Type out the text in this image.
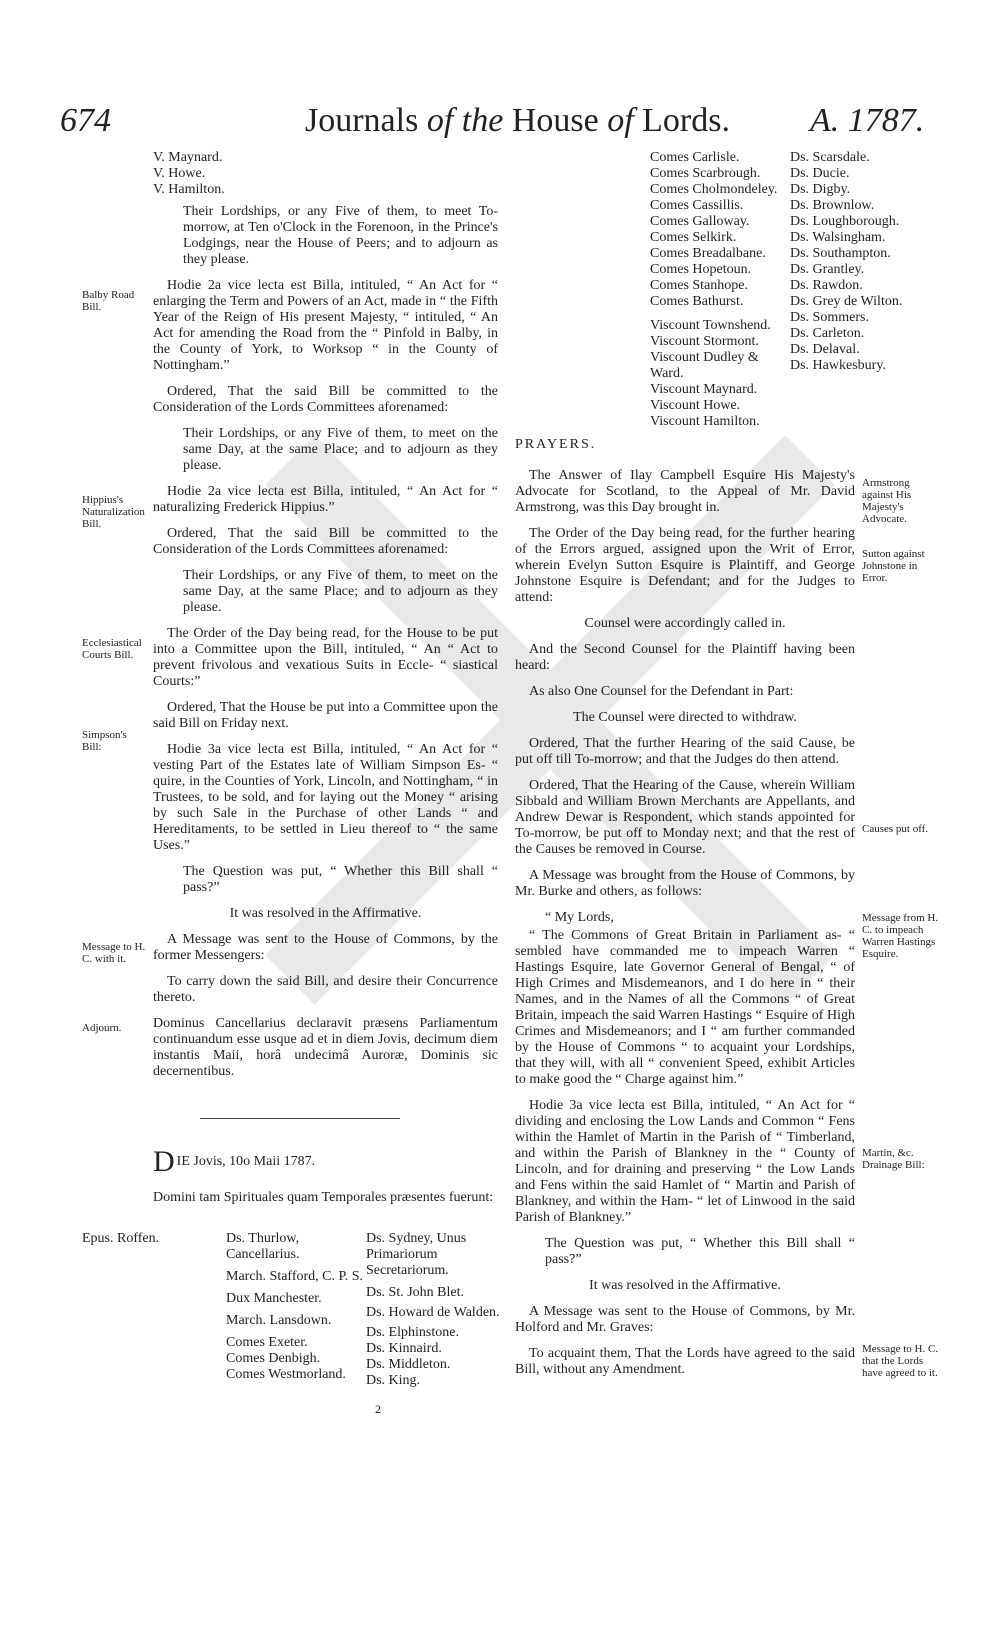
674	Journals of the House of Lords. A. 1787.
V. Maynard.
V. Howe.
V. Hamilton.

Their Lordships, or any Five of them, to meet To-morrow, at Ten o'Clock in the Forenoon, in the Prince's Lodgings, near the House of Peers; and to adjourn as they please.

Hodie 2a vice lecta est Billa, intituled, “ An Act for “ enlarging the Term and Powers of an Act, made in “ the Fifth Year of the Reign of His present Majesty, “ intituled, “ An Act for amending the Road from the “ Pinfold in Balby, in the County of York, to Worksop “ in the County of Nottingham.”

Ordered, That the said Bill be committed to the Consideration of the Lords Committees aforenamed:

Their Lordships, or any Five of them, to meet on the same Day, at the same Place; and to adjourn as they please.

Hodie 2a vice lecta est Billa, intituled, “ An Act for “ naturalizing Frederick Hippius.”

Ordered, That the said Bill be committed to the Consideration of the Lords Committees aforenamed:

Their Lordships, or any Five of them, to meet on the same Day, at the same Place; and to adjourn as they please.

The Order of the Day being read, for the House to be put into a Committee upon the Bill, intituled, “ An “ Act to prevent frivolous and vexatious Suits in Eccle- “ siastical Courts:”

Ordered, That the House be put into a Committee upon the said Bill on Friday next.

Hodie 3a vice lecta est Billa, intituled, “ An Act for “ vesting Part of the Estates late of William Simpson Es- “ quire, in the Counties of York, Lincoln, and Nottingham, “ in Trustees, to be sold, and for laying out the Money “ arising by such Sale in the Purchase of other Lands “ and Hereditaments, to be settled in Lieu thereof to “ the same Uses.”

The Question was put, “ Whether this Bill shall “ pass?”

It was resolved in the Affirmative.

A Message was sent to the House of Commons, by the former Messengers:

To carry down the said Bill, and desire their Concurrence thereto.

Dominus Cancellarius declaravit præsens Parliamentum continuandum esse usque ad et in diem Jovis, decimum diem instantis Maii, horâ undecimâ Auroræ, Dominis sic decernentibus.

DIE Jovis, 10o Maii 1787.
Domini tam Spirituales quam Temporales præsentes fuerunt:
Epus. Roffen.	Ds. Thurlow, Cancellarius.
March. Stafford, C. P. S.
Dux Manchester.
March. Lansdown.
Comes Exeter.
Comes Denbigh.
Comes Westmorland.
Ds. Sydney, Unus Primariorum Secretariorum.
Ds. St. John Blet.
Ds. Howard de Walden.
Ds. Elphinstone.
Ds. Kinnaird.
Ds. Middleton.
Ds. King.
2
Comes Carlisle.
Comes Scarbrough.
Comes Cholmondeley.
Comes Cassillis.
Comes Galloway.
Comes Selkirk.
Comes Breadalbane.
Comes Hopetoun.
Comes Stanhope.
Comes Bathurst.
Viscount Townshend.
Viscount Stormont.
Viscount Dudley & Ward.
Viscount Maynard.
Viscount Howe.
Viscount Hamilton.
Ds. Scarsdale.
Ds. Ducie.
Ds. Digby.
Ds. Brownlow.
Ds. Loughborough.
Ds. Walsingham.
Ds. Southampton.
Ds. Grantley.
Ds. Rawdon.
Ds. Grey de Wilton.
Ds. Sommers.
Ds. Carleton.
Ds. Delaval.
Ds. Hawkesbury.
PRAYERS.

The Answer of Ilay Campbell Esquire His Majesty's Advocate for Scotland, to the Appeal of Mr. David Armstrong, was this Day brought in.

The Order of the Day being read, for the further hearing of the Errors argued, assigned upon the Writ of Error, wherein Evelyn Sutton Esquire is Plaintiff, and George Johnstone Esquire is Defendant; and for the Judges to attend:

Counsel were accordingly called in.

And the Second Counsel for the Plaintiff having been heard:

As also One Counsel for the Defendant in Part:

The Counsel were directed to withdraw.

Ordered, That the further Hearing of the said Cause, be put off till To-morrow; and that the Judges do then attend.

Ordered, That the Hearing of the Cause, wherein William Sibbald and William Brown Merchants are Appellants, and Andrew Dewar is Respondent, which stands appointed for To-morrow, be put off to Monday next; and that the rest of the Causes be removed in Course.

A Message was brought from the House of Commons, by Mr. Burke and others, as follows:

“ My Lords,

“ The Commons of Great Britain in Parliament as- “ sembled have commanded me to impeach Warren “ Hastings Esquire, late Governor General of Bengal, “ of High Crimes and Misdemeanors, and I do here in “ their Names, and in the Names of all the Commons “ of Great Britain, impeach the said Warren Hastings “ Esquire of High Crimes and Misdemeanors; and I “ am further commanded by the House of Commons “ to acquaint your Lordships, that they will, with all “ convenient Speed, exhibit Articles to make good the “ Charge against him.”

Hodie 3a vice lecta est Billa, intituled, “ An Act for “ dividing and enclosing the Low Lands and Common “ Fens within the Hamlet of Martin in the Parish of “ Timberland, and within the Parish of Blankney in the “ County of Lincoln, and for draining and preserving “ the Low Lands and Fens within the said Hamlet of “ Martin and Parish of Blankney, and within the Ham- “ let of Linwood in the said Parish of Blankney.”

The Question was put, “ Whether this Bill shall “ pass?”

It was resolved in the Affirmative.

A Message was sent to the House of Commons, by Mr. Holford and Mr. Graves:

To acquaint them, That the Lords have agreed to the said Bill, without any Amendment.

Balby Road Bill.
Hippius's Naturalization Bill.
Ecclesiastical Courts Bill.
Simpson's Bill:
Message to H. C. with it.
Adjourn.
Armstrong against His Majesty's Advocate.
Sutton against Johnstone in Error.
Causes put off.
Message from H. C. to impeach Warren Hastings Esquire.
Martin, &c. Drainage Bill:
Message to H. C. that the Lords have agreed to it.
